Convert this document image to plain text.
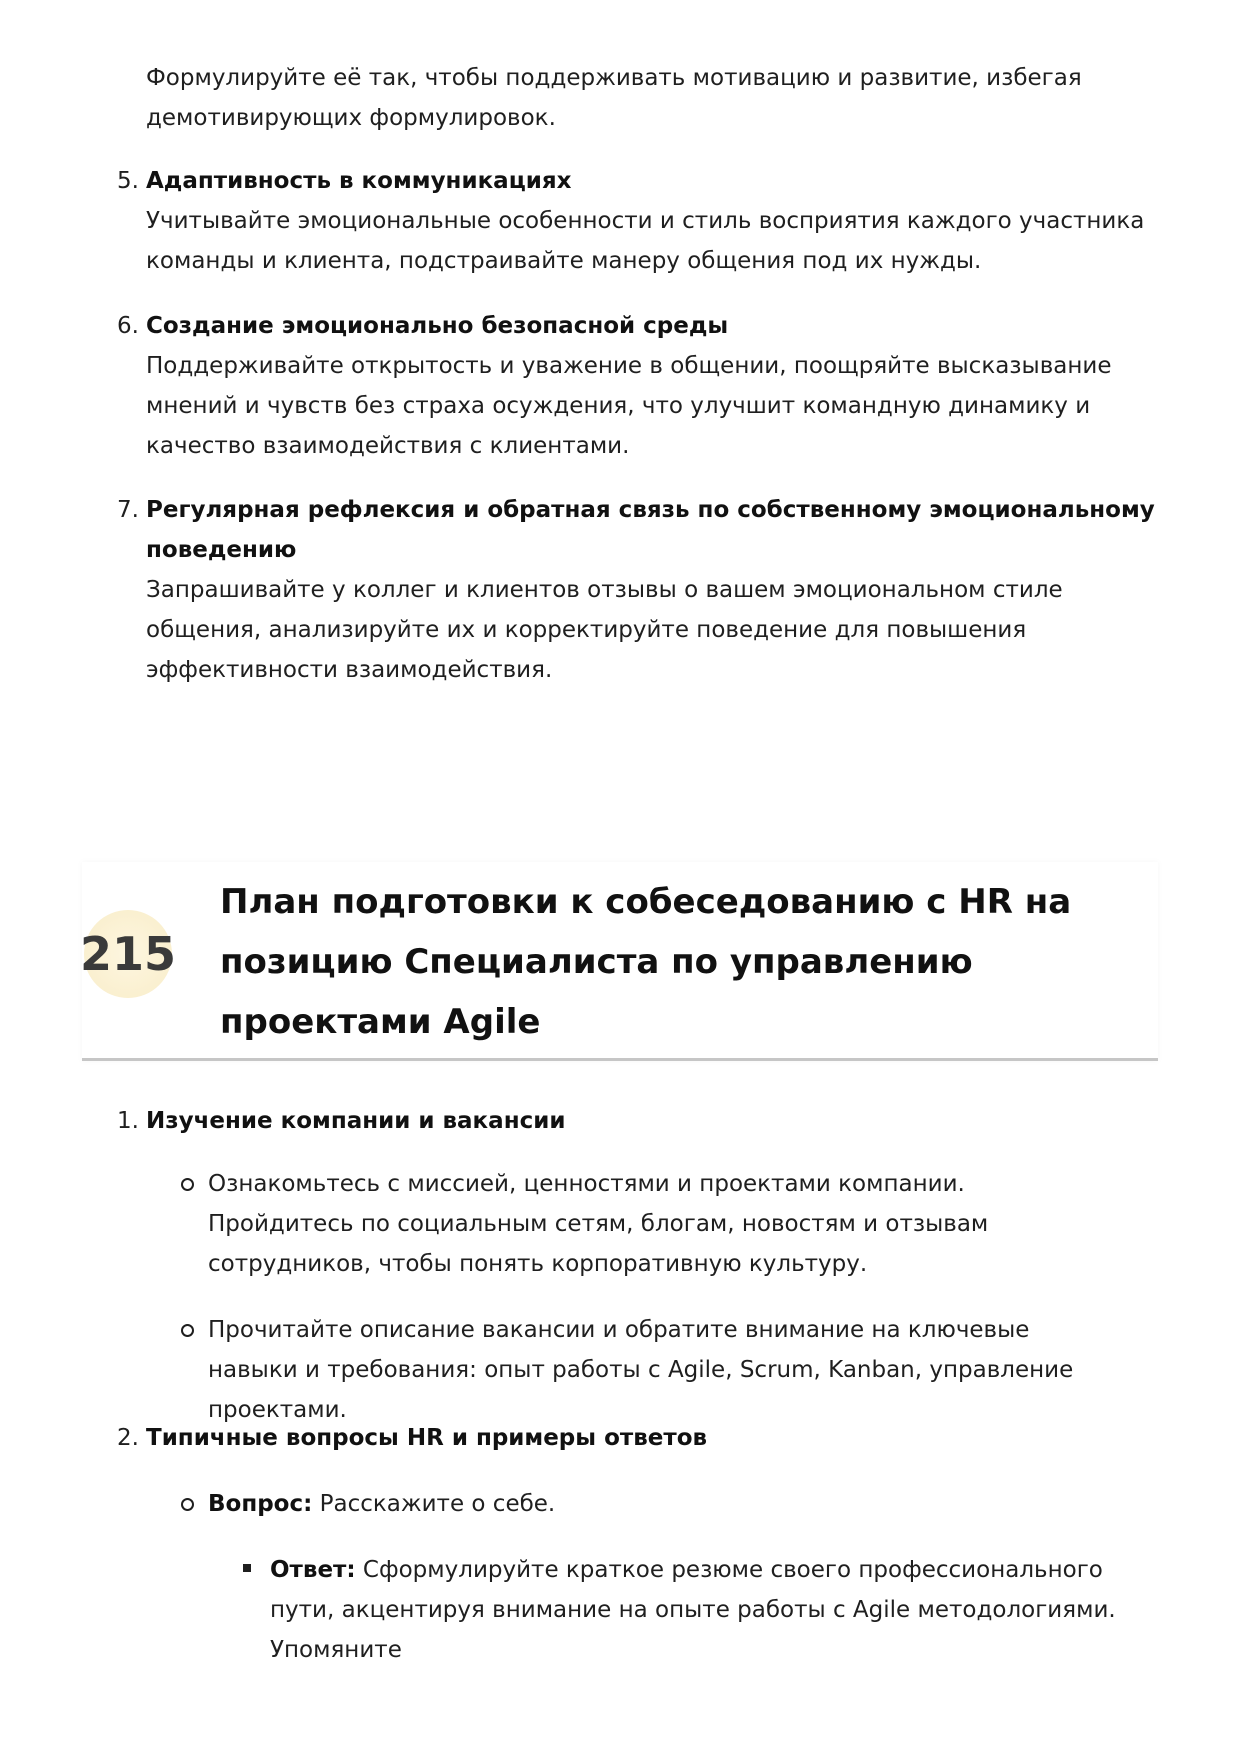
Формулируйте её так, чтобы поддерживать мотивацию и развитие, избегая

демотивирующих формулировок.

5. Адаптивность в коммуникациях
Учитывайте эмоциональные особенности и стиль восприятия каждого участника команды и клиента, подстраивайте манеру общения под их нужды.
6. Создание эмоционально безопасной среды
Поддерживайте открытость и уважение в общении, поощряйте высказывание мнений и чувств без страха осуждения, что улучшит командную динамику и качество взаимодействия с клиентами.
7. Регулярная рефлексия и обратная связь по собственному эмоциональному поведению
Запрашивайте у коллег и клиентов отзывы о вашем эмоциональном стиле общения, анализируйте их и корректируйте поведение для повышения эффективности взаимодействия.
215
План подготовки к собеседованию с HR на позицию Специалиста по управлению проектами Agile
1. Изучение компании и вакансии
Ознакомьтесь с миссией, ценностями и проектами компании. Пройдитесь по социальным сетям, блогам, новостям и отзывам сотрудников, чтобы понять корпоративную культуру.
Прочитайте описание вакансии и обратите внимание на ключевые навыки и требования: опыт работы с Agile, Scrum, Kanban, управление проектами.
2. Типичные вопросы HR и примеры ответов
Вопрос: Расскажите о себе.
Ответ: Сформулируйте краткое резюме своего профессионального пути, акцентируя внимание на опыте работы с Agile методологиями. Упомяните
